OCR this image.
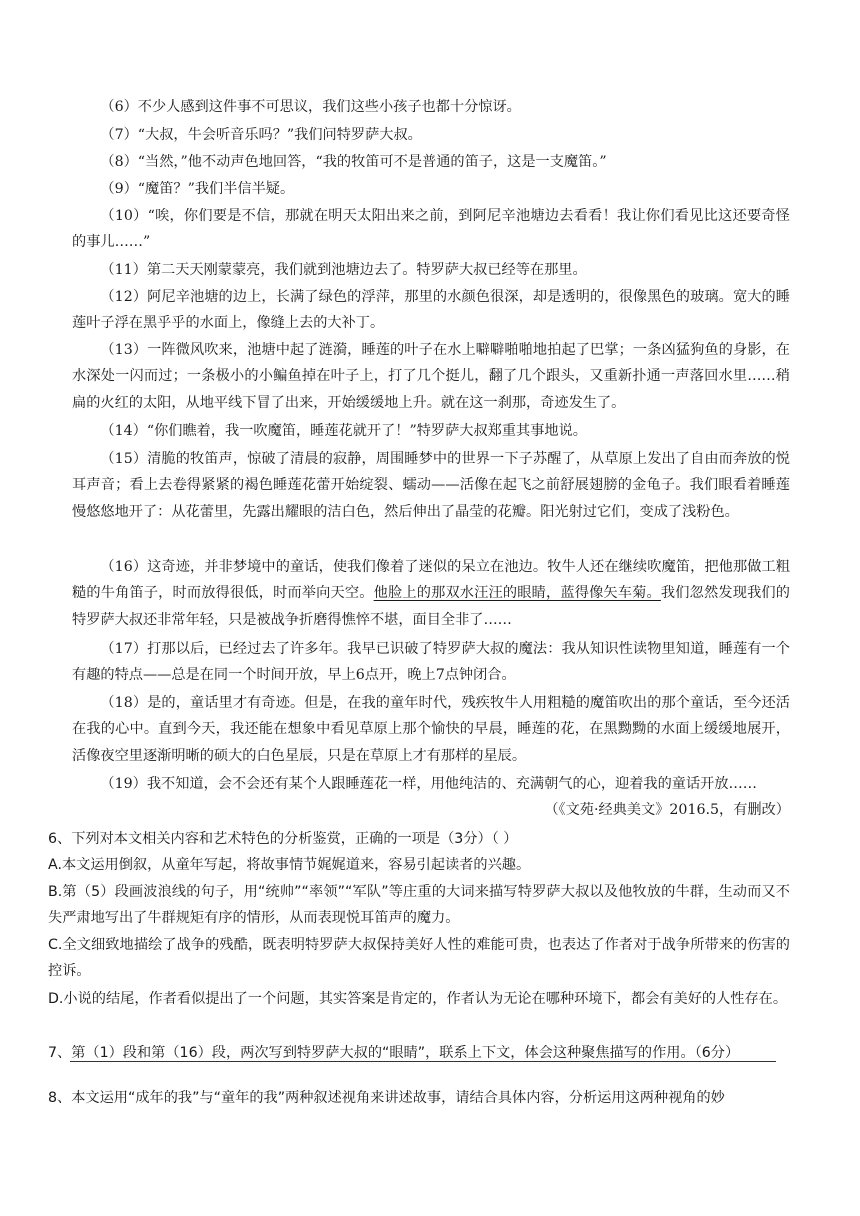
（6）不少人感到这件事不可思议，我们这些小孩子也都十分惊讶。

（7）“大叔，牛会听音乐吗？”我们问特罗萨大叔。

（8）“当然，”他不动声色地回答，“我的牧笛可不是普通的笛子，这是一支魔笛。”

（9）“魔笛？”我们半信半疑。

（10）“唉，你们要是不信，那就在明天太阳出来之前，到阿尼辛池塘边去看看！我让你们看见比这还要奇怪的事儿……”

（11）第二天天刚蒙蒙亮，我们就到池塘边去了。特罗萨大叔已经等在那里。

（12）阿尼辛池塘的边上，长满了绿色的浮萍，那里的水颜色很深，却是透明的，很像黑色的玻璃。宽大的睡莲叶子浮在黑乎乎的水面上，像缝上去的大补丁。

（13）一阵微风吹来，池塘中起了涟漪，睡莲的叶子在水上噼噼啪啪地拍起了巴掌；一条凶猛狗鱼的身影，在水深处一闪而过；一条极小的小鳊鱼掉在叶子上，打了几个挺儿，翻了几个跟头，又重新扑通一声落回水里……稍扁的火红的太阳，从地平线下冒了出来，开始缓缓地上升。就在这一刹那，奇迹发生了。

（14）“你们瞧着，我一吹魔笛，睡莲花就开了！”特罗萨大叔郑重其事地说。

（15）清脆的牧笛声，惊破了清晨的寂静，周围睡梦中的世界一下子苏醒了，从草原上发出了自由而奔放的悦耳声音；看上去卷得紧紧的褐色睡莲花蕾开始绽裂、蠕动——活像在起飞之前舒展翅膀的金龟子。我们眼看着睡莲慢悠悠地开了：从花蕾里，先露出耀眼的洁白色，然后伸出了晶莹的花瓣。阳光射过它们，变成了浅粉色。

（16）这奇迹，并非梦境中的童话，使我们像着了迷似的呆立在池边。牧牛人还在继续吹魔笛，把他那做工粗糙的牛角笛子，时而放得很低，时而举向天空。他脸上的那双水汪汪的眼睛，蓝得像矢车菊。我们忽然发现我们的特罗萨大叔还非常年轻，只是被战争折磨得憔悴不堪，面目全非了……

（17）打那以后，已经过去了许多年。我早已识破了特罗萨大叔的魔法：我从知识性读物里知道，睡莲有一个有趣的特点——总是在同一个时间开放，早上6点开，晚上7点钟闭合。

（18）是的，童话里才有奇迹。但是，在我的童年时代，残疾牧牛人用粗糙的魔笛吹出的那个童话，至今还活在我的心中。直到今天，我还能在想象中看见草原上那个愉快的早晨，睡莲的花，在黑黝黝的水面上缓缓地展开，活像夜空里逐渐明晰的硕大的白色星辰，只是在草原上才有那样的星辰。

（19）我不知道，会不会还有某个人跟睡莲花一样，用他纯洁的、充满朝气的心，迎着我的童话开放……

（《文苑·经典美文》2016.5，有删改）

6、下列对本文相关内容和艺术特色的分析鉴赏，正确的一项是（3分）（ ）

A.本文运用倒叙，从童年写起，将故事情节娓娓道来，容易引起读者的兴趣。

B.第（5）段画波浪线的句子，用“统帅”“率领”“军队”等庄重的大词来描写特罗萨大叔以及他牧放的牛群，生动而又不失严肃地写出了牛群规矩有序的情形，从而表现悦耳笛声的魔力。

C.全文细致地描绘了战争的残酷，既表明特罗萨大叔保持美好人性的难能可贵，也表达了作者对于战争所带来的伤害的控诉。

D.小说的结尾，作者看似提出了一个问题，其实答案是肯定的，作者认为无论在哪种环境下，都会有美好的人性存在。

7、第（1）段和第（16）段，两次写到特罗萨大叔的“眼睛”，联系上下文，体会这种聚焦描写的作用。（6分）

8、本文运用“成年的我”与“童年的我”两种叙述视角来讲述故事，请结合具体内容，分析运用这两种视角的妙
